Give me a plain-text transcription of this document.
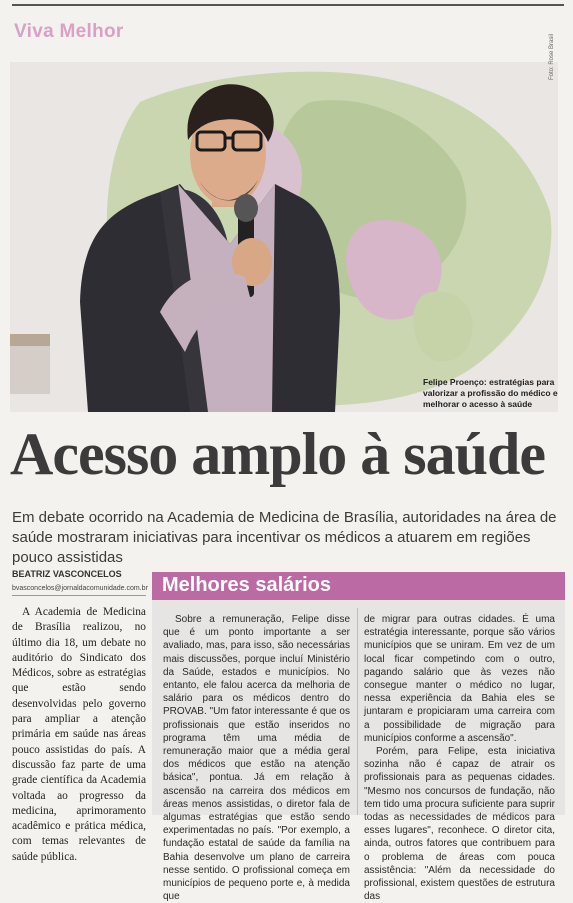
Viva Melhor
Foto: Rose Brasil
Felipe Proenço: estratégias para valorizar a profissão do médico e melhorar o acesso à saúde
Acesso amplo à saúde
Em debate ocorrido na Academia de Medicina de Brasília, autoridades na área de saúde mostraram iniciativas para incentivar os médicos a atuarem em regiões pouco assistidas
BEATRIZ VASCONCELOS
bvasconcelos@jornaldacomunidade.com.br

A Academia de Medicina de Brasília realizou, no último dia 18, um debate no auditório do Sindicato dos Médicos, sobre as estratégias que estão sendo desenvolvidas pelo governo para ampliar a atenção primária em saúde nas áreas pouco assistidas do país. A discussão faz parte de uma grade científica da Academia voltada ao progresso da medicina, aprimoramento acadêmico e prática médica, com temas relevantes de saúde pública.

Melhores salários

Sobre a remuneração, Felipe disse que é um ponto importante a ser avaliado, mas, para isso, são necessárias mais discussões, porque incluí Ministério da Saúde, estados e municípios. No entanto, ele falou acerca da melhoria de salário para os médicos dentro do PROVAB. "Um fator interessante é que os profissionais que estão inseridos no programa têm uma média de remuneração maior que a média geral dos médicos que estão na atenção básica", pontua. Já em relação à ascensão na carreira dos médicos em áreas menos assistidas, o diretor fala de algumas estratégias que estão sendo experimentadas no país. "Por exemplo, a fundação estatal de saúde da família na Bahia desenvolve um plano de carreira nesse sentido. O profissional começa em municípios de pequeno porte e, à medida que

de migrar para outras cidades. É uma estratégia interessante, porque são vários municípios que se uniram. Em vez de um local ficar competindo com o outro, pagando salário que às vezes não consegue manter o médico no lugar, nessa experiência da Bahia eles se juntaram e propiciaram uma carreira com a possibilidade de migração para municípios conforme a ascensão".

Porém, para Felipe, esta iniciativa sozinha não é capaz de atrair os profissionais para as pequenas cidades. "Mesmo nos concursos de fundação, não tem tido uma procura suficiente para suprir todas as necessidades de médicos para esses lugares", reconhece. O diretor cita, ainda, outros fatores que contribuem para o problema de áreas com pouca assistência: "Além da necessidade do profissional, existem questões de estrutura das
